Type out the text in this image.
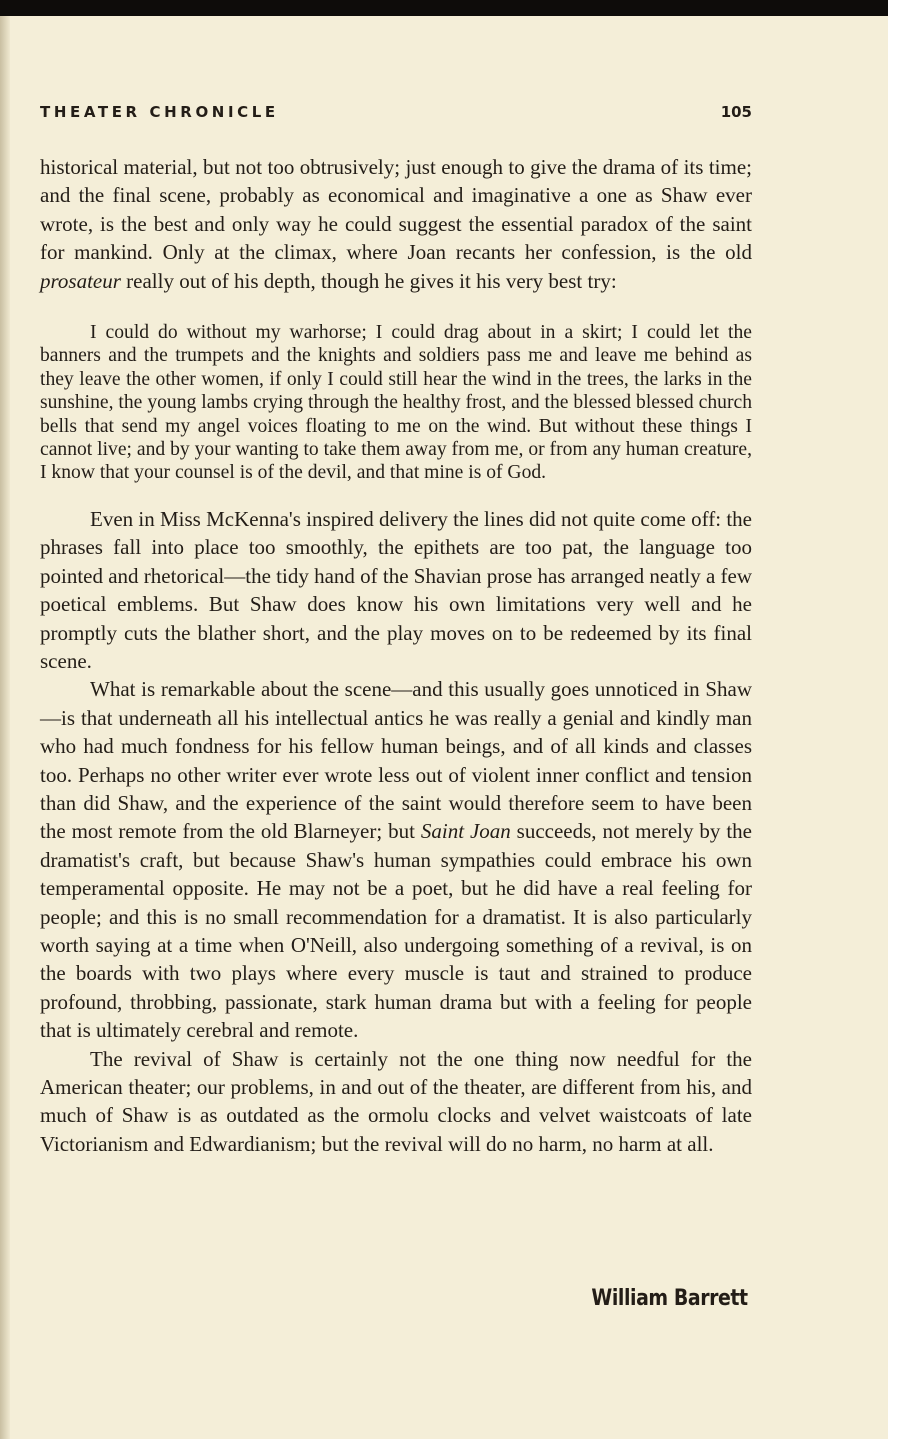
THEATER CHRONICLE	105

historical material, but not too obtrusively; just enough to give the drama of its time; and the final scene, probably as economical and imaginative a one as Shaw ever wrote, is the best and only way he could suggest the essential paradox of the saint for mankind. Only at the climax, where Joan recants her confession, is the old prosateur really out of his depth, though he gives it his very best try:

I could do without my warhorse; I could drag about in a skirt; I could let the banners and the trumpets and the knights and soldiers pass me and leave me behind as they leave the other women, if only I could still hear the wind in the trees, the larks in the sunshine, the young lambs crying through the healthy frost, and the blessed blessed church bells that send my angel voices floating to me on the wind. But without these things I cannot live; and by your wanting to take them away from me, or from any human creature, I know that your counsel is of the devil, and that mine is of God.

Even in Miss McKenna's inspired delivery the lines did not quite come off: the phrases fall into place too smoothly, the epithets are too pat, the language too pointed and rhetorical—the tidy hand of the Shavian prose has arranged neatly a few poetical emblems. But Shaw does know his own limitations very well and he promptly cuts the blather short, and the play moves on to be redeemed by its final scene.

What is remarkable about the scene—and this usually goes unnoticed in Shaw—is that underneath all his intellectual antics he was really a genial and kindly man who had much fondness for his fellow human beings, and of all kinds and classes too. Perhaps no other writer ever wrote less out of violent inner conflict and tension than did Shaw, and the experience of the saint would therefore seem to have been the most remote from the old Blarneyer; but Saint Joan succeeds, not merely by the dramatist's craft, but because Shaw's human sympathies could embrace his own temperamental opposite. He may not be a poet, but he did have a real feeling for people; and this is no small recommendation for a dramatist. It is also particularly worth saying at a time when O'Neill, also undergoing something of a revival, is on the boards with two plays where every muscle is taut and strained to produce profound, throbbing, passionate, stark human drama but with a feeling for people that is ultimately cerebral and remote.

The revival of Shaw is certainly not the one thing now needful for the American theater; our problems, in and out of the theater, are different from his, and much of Shaw is as outdated as the ormolu clocks and velvet waistcoats of late Victorianism and Edwardianism; but the revival will do no harm, no harm at all.

William Barrett
